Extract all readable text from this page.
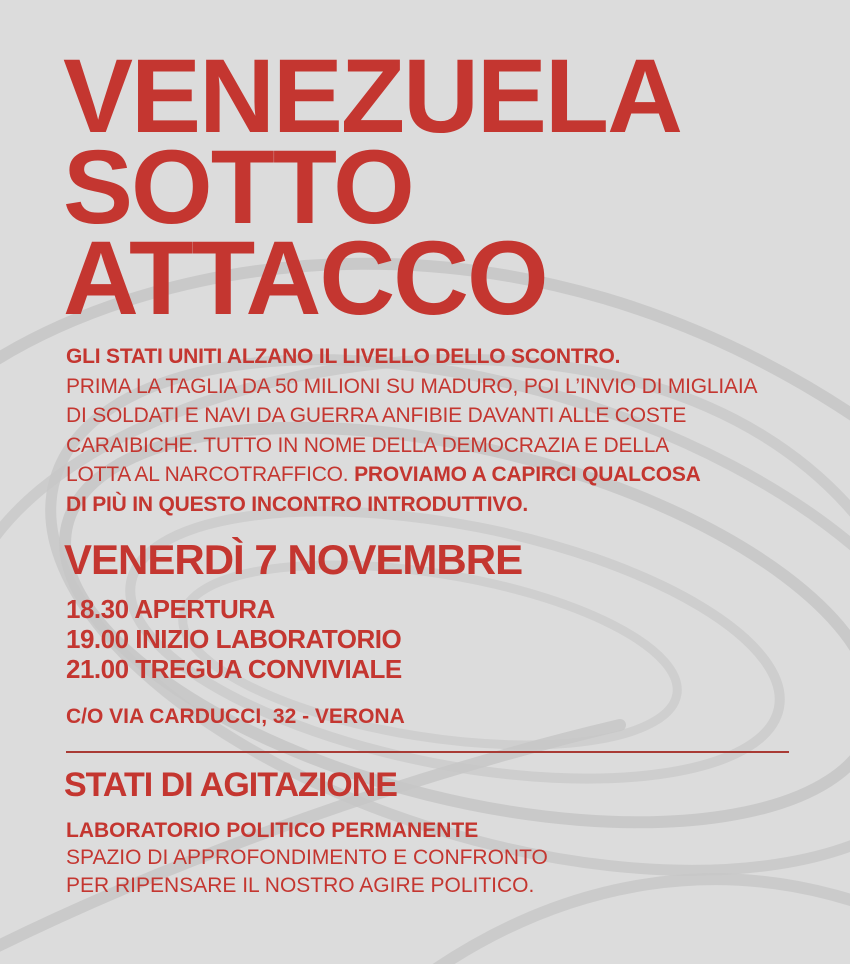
VENEZUELA
SOTTO
ATTACCO

GLI STATI UNITI ALZANO IL LIVELLO DELLO SCONTRO.
PRIMA LA TAGLIA DA 50 MILIONI SU MADURO, POI L’INVIO DI MIGLIAIA
DI SOLDATI E NAVI DA GUERRA ANFIBIE DAVANTI ALLE COSTE
CARAIBICHE. TUTTO IN NOME DELLA DEMOCRAZIA E DELLA
LOTTA AL NARCOTRAFFICO. PROVIAMO A CAPIRCI QUALCOSA
DI PIÙ IN QUESTO INCONTRO INTRODUTTIVO.

VENERDÌ 7 NOVEMBRE
18.30 APERTURA
19.00 INIZIO LABORATORIO
21.00 TREGUA CONVIVIALE
C/O VIA CARDUCCI, 32 - VERONA
STATI DI AGITAZIONE
LABORATORIO POLITICO PERMANENTE
SPAZIO DI APPROFONDIMENTO E CONFRONTO
PER RIPENSARE IL NOSTRO AGIRE POLITICO.
